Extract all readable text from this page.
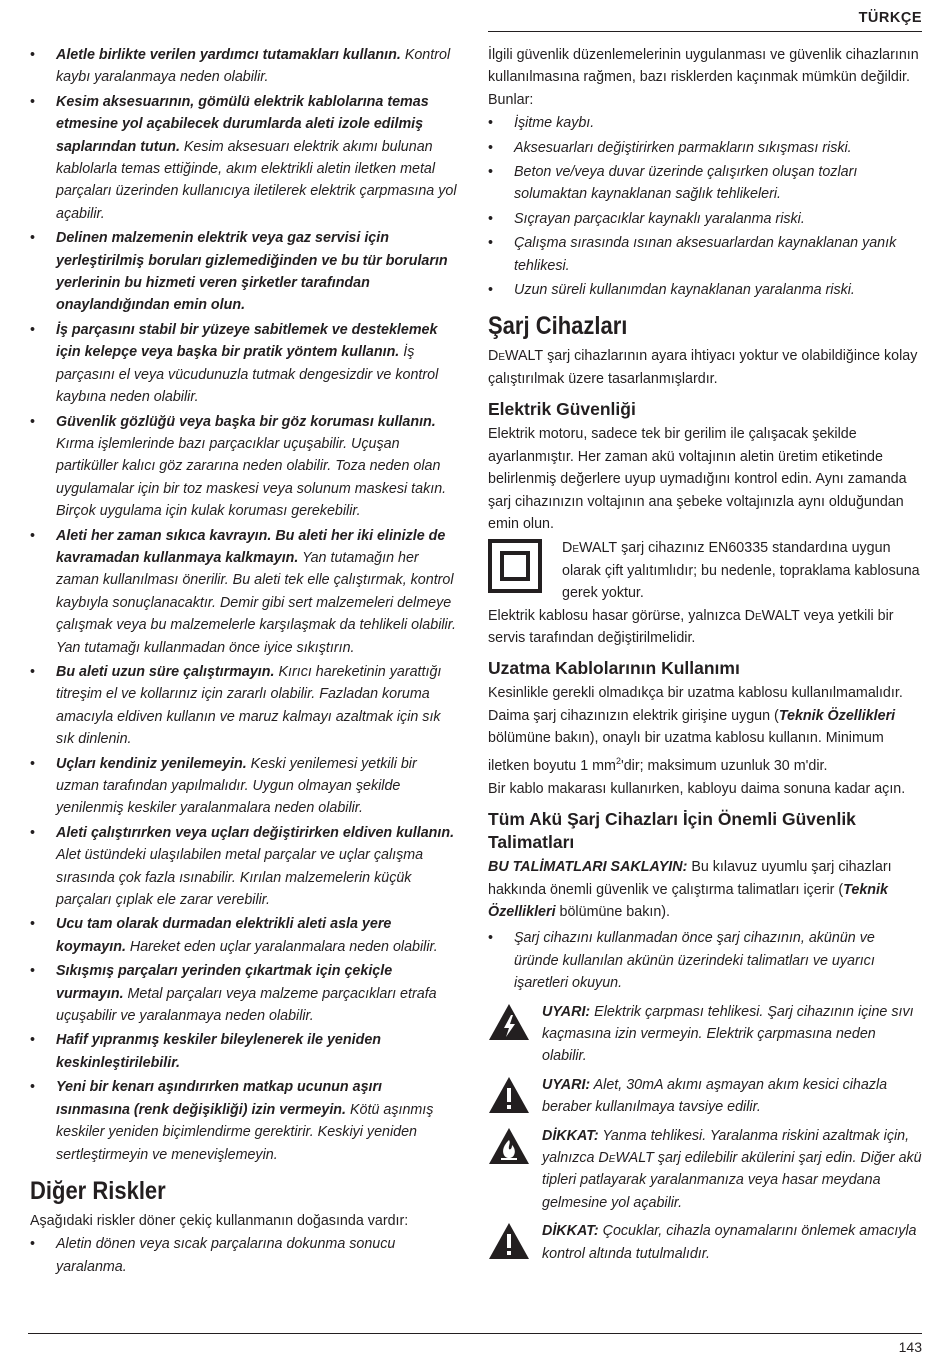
TÜRKÇE
• Aletle birlikte verilen yardımcı tutamakları kullanın. Kontrol kaybı yaralanmaya neden olabilir.
• Kesim aksesuarının, gömülü elektrik kablolarına temas etmesine yol açabilecek durumlarda aleti izole edilmiş saplarından tutun. Kesim aksesuarı elektrik akımı bulunan kablolarla temas ettiğinde, akım elektrikli aletin iletken metal parçaları üzerinden kullanıcıya iletilerek elektrik çarpmasına yol açabilir.
• Delinen malzemenin elektrik veya gaz servisi için yerleştirilmiş boruları gizlemediğinden ve bu tür boruların yerlerinin bu hizmeti veren şirketler tarafından onaylandığından emin olun.
• İş parçasını stabil bir yüzeye sabitlemek ve desteklemek için kelepçe veya başka bir pratik yöntem kullanın. İş parçasını el veya vücudunuzla tutmak dengesizdir ve kontrol kaybına neden olabilir.
• Güvenlik gözlüğü veya başka bir göz koruması kullanın. Kırma işlemlerinde bazı parçacıklar uçuşabilir. Uçuşan partiküller kalıcı göz zararına neden olabilir. Toza neden olan uygulamalar için bir toz maskesi veya solunum maskesi takın. Birçok uygulama için kulak koruması gerekebilir.
• Aleti her zaman sıkıca kavrayın. Bu aleti her iki elinizle de kavramadan kullanmaya kalkmayın. Yan tutamağın her zaman kullanılması önerilir. Bu aleti tek elle çalıştırmak, kontrol kaybıyla sonuçlanacaktır. Demir gibi sert malzemeleri delmeye çalışmak veya bu malzemelerle karşılaşmak da tehlikeli olabilir. Yan tutamağı kullanmadan önce iyice sıkıştırın.
• Bu aleti uzun süre çalıştırmayın. Kırıcı hareketinin yarattığı titreşim el ve kollarınız için zararlı olabilir. Fazladan koruma amacıyla eldiven kullanın ve maruz kalmayı azaltmak için sık sık dinlenin.
• Uçları kendiniz yenilemeyin. Keski yenilemesi yetkili bir uzman tarafından yapılmalıdır. Uygun olmayan şekilde yenilenmiş keskiler yaralanmalara neden olabilir.
• Aleti çalıştırırken veya uçları değiştirirken eldiven kullanın. Alet üstündeki ulaşılabilen metal parçalar ve uçlar çalışma sırasında çok fazla ısınabilir. Kırılan malzemelerin küçük parçaları çıplak ele zarar verebilir.
• Ucu tam olarak durmadan elektrikli aleti asla yere koymayın. Hareket eden uçlar yaralanmalara neden olabilir.
• Sıkışmış parçaları yerinden çıkartmak için çekiçle vurmayın. Metal parçaları veya malzeme parçacıkları etrafa uçuşabilir ve yaralanmaya neden olabilir.
• Hafif yıpranmış keskiler bileylenerek ile yeniden keskinleştirilebilir.
• Yeni bir kenarı aşındırırken matkap ucunun aşırı ısınmasına (renk değişikliği) izin vermeyin. Kötü aşınmış keskiler yeniden biçimlendirme gerektirir. Keskiyi yeniden sertleştirmeyin ve menevişlemeyin.
Diğer Riskler

Aşağıdaki riskler döner çekiç kullanmanın doğasında vardır:

• Aletin dönen veya sıcak parçalarına dokunma sonucu yaralanma.

İlgili güvenlik düzenlemelerinin uygulanması ve güvenlik cihazlarının kullanılmasına rağmen, bazı risklerden kaçınmak mümkün değildir. Bunlar:

• İşitme kaybı.
• Aksesuarları değiştirirken parmakların sıkışması riski.
• Beton ve/veya duvar üzerinde çalışırken oluşan tozları solumaktan kaynaklanan sağlık tehlikeleri.
• Sıçrayan parçacıklar kaynaklı yaralanma riski.
• Çalışma sırasında ısınan aksesuarlardan kaynaklanan yanık tehlikesi.
• Uzun süreli kullanımdan kaynaklanan yaralanma riski.
Şarj Cihazları

DeWALT şarj cihazlarının ayara ihtiyacı yoktur ve olabildiğince kolay çalıştırılmak üzere tasarlanmışlardır.

Elektrik Güvenliği

Elektrik motoru, sadece tek bir gerilim ile çalışacak şekilde ayarlanmıştır. Her zaman akü voltajının aletin üretim etiketinde belirlenmiş değerlere uyup uymadığını kontrol edin. Aynı zamanda şarj cihazınızın voltajının ana şebeke voltajınızla aynı olduğundan emin olun.

DeWALT şarj cihazınız EN60335 standardına uygun olarak çift yalıtımlıdır; bu nedenle, topraklama kablosuna gerek yoktur.

Elektrik kablosu hasar görürse, yalnızca DeWALT veya yetkili bir servis tarafından değiştirilmelidir.

Uzatma Kablolarının Kullanımı

Kesinlikle gerekli olmadıkça bir uzatma kablosu kullanılmamalıdır. Daima şarj cihazınızın elektrik girişine uygun (Teknik Özellikleri bölümüne bakın), onaylı bir uzatma kablosu kullanın. Minimum iletken boyutu 1 $mm^2'dir$; maksimum uzunluk 30 m'dir.

Bir kablo makarası kullanırken, kabloyu daima sonuna kadar açın.

Tüm Akü Şarj Cihazları İçin Önemli Güvenlik Talimatları

BU TALİMATLARI SAKLAYIN: Bu kılavuz uyumlu şarj cihazları hakkında önemli güvenlik ve çalıştırma talimatları içerir (Teknik Özellikleri bölümüne bakın).

• Şarj cihazını kullanmadan önce şarj cihazının, akünün ve üründe kullanılan akünün üzerindeki talimatları ve uyarıcı işaretleri okuyun.
UYARI: Elektrik çarpması tehlikesi. Şarj cihazının içine sıvı kaçmasına izin vermeyin. Elektrik çarpmasına neden olabilir.
UYARI: Alet, 30mA akımı aşmayan akım kesici cihazla beraber kullanılmaya tavsiye edilir.
DİKKAT: Yanma tehlikesi. Yaralanma riskini azaltmak için, yalnızca DeWALT şarj edilebilir akülerini şarj edin. Diğer akü tipleri patlayarak yaralanmanıza veya hasar meydana gelmesine yol açabilir.
DİKKAT: Çocuklar, cihazla oynamalarını önlemek amacıyla kontrol altında tutulmalıdır.
143
